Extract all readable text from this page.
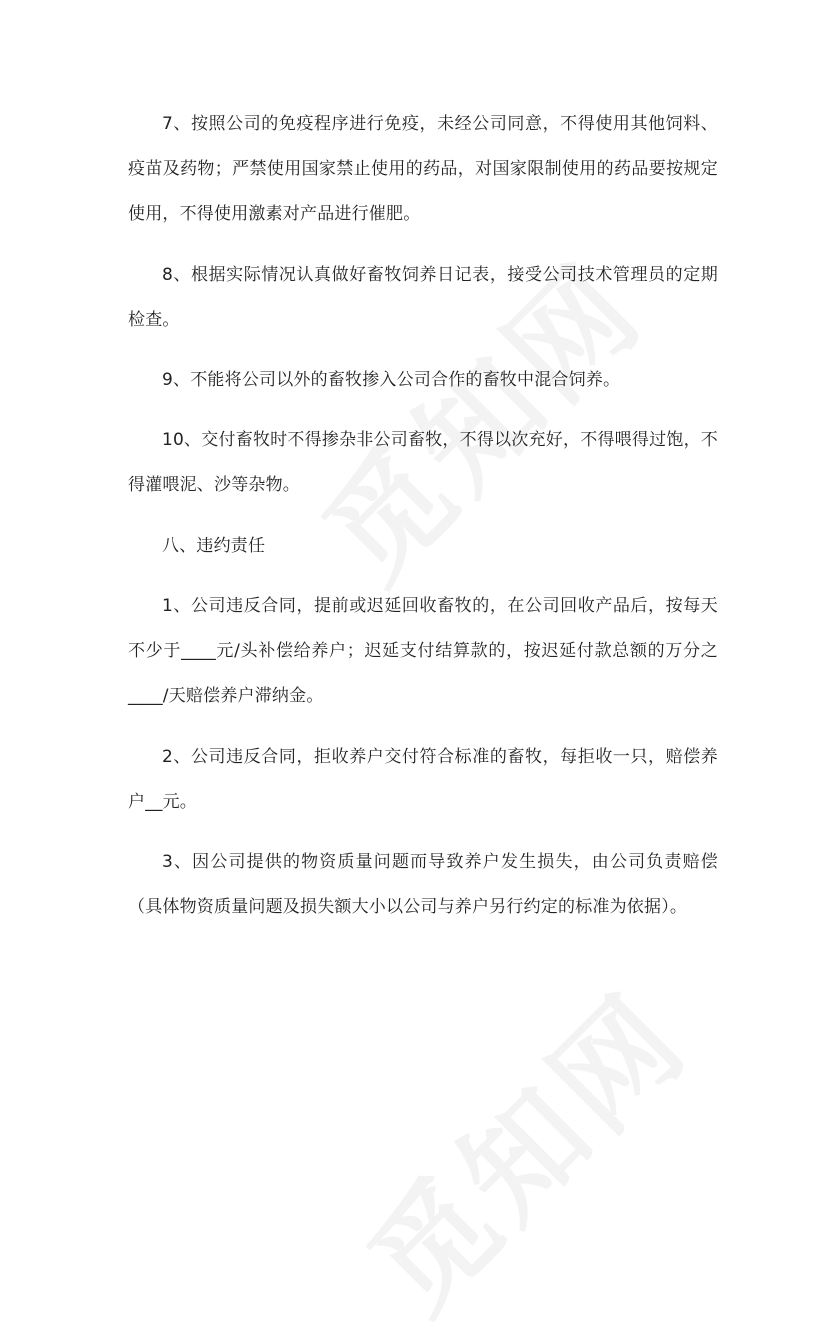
7、按照公司的免疫程序进行免疫，未经公司同意，不得使用其他饲料、疫苗及药物；严禁使用国家禁止使用的药品，对国家限制使用的药品要按规定使用，不得使用激素对产品进行催肥。

8、根据实际情况认真做好畜牧饲养日记表，接受公司技术管理员的定期检查。

9、不能将公司以外的畜牧掺入公司合作的畜牧中混合饲养。

10、交付畜牧时不得掺杂非公司畜牧，不得以次充好，不得喂得过饱，不得灌喂泥、沙等杂物。

八、违约责任

1、公司违反合同，提前或迟延回收畜牧的，在公司回收产品后，按每天不少于____元/头补偿给养户；迟延支付结算款的，按迟延付款总额的万分之____/天赔偿养户滞纳金。

2、公司违反合同，拒收养户交付符合标准的畜牧，每拒收一只，赔偿养户__元。

3、因公司提供的物资质量问题而导致养户发生损失，由公司负责赔偿（具体物资质量问题及损失额大小以公司与养户另行约定的标准为依据）。
